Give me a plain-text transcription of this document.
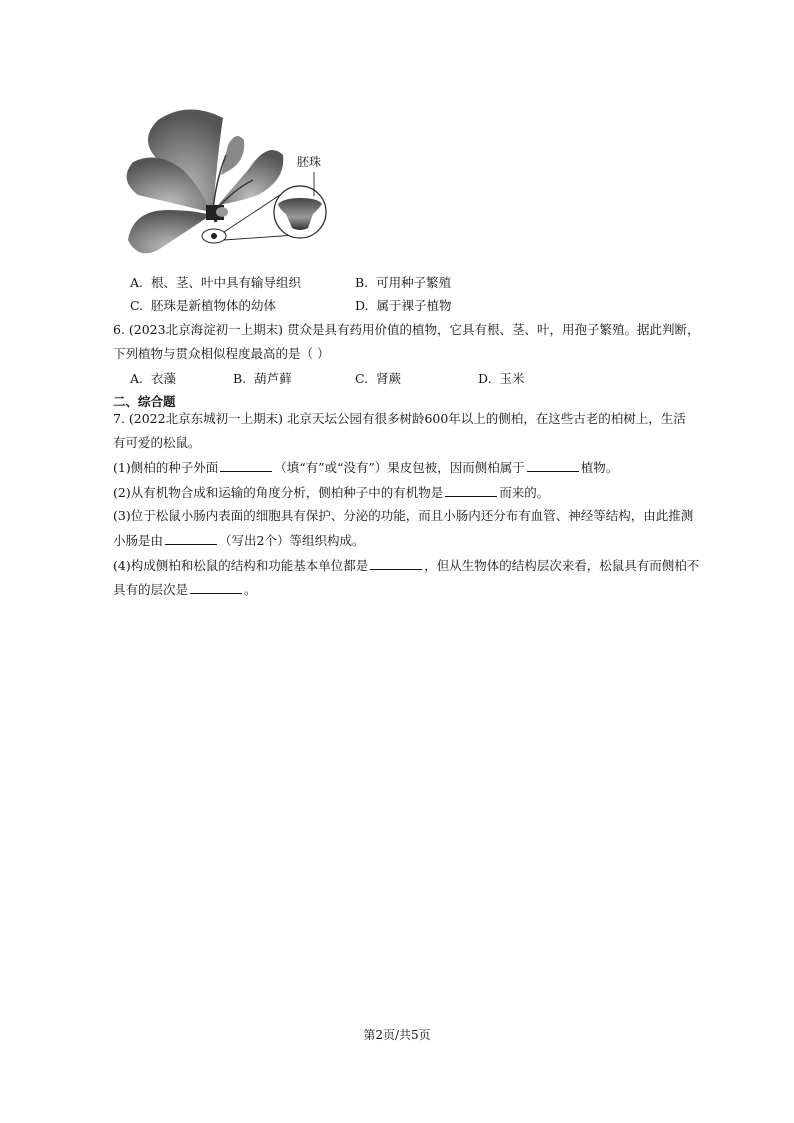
胚珠
A. 根、茎、叶中具有输导组织	B. 可用种子繁殖
C. 胚珠是新植物体的幼体	D. 属于裸子植物
6. (2023北京海淀初一上期末) 贯众是具有药用价值的植物，它具有根、茎、叶，用孢子繁殖。据此判断，
下列植物与贯众相似程度最高的是（ ）
A. 衣藻	B. 葫芦藓	C. 肾蕨	D. 玉米
二、综合题
7. (2022北京东城初一上期末) 北京天坛公园有很多树龄600年以上的侧柏，在这些古老的柏树上，生活
有可爱的松鼠。
(1)侧柏的种子外面	（填“有”或“没有”）果皮包被，因而侧柏属于	植物。
(2)从有机物合成和运输的角度分析，侧柏种子中的有机物是	而来的。
(3)位于松鼠小肠内表面的细胞具有保护、分泌的功能，而且小肠内还分布有血管、神经等结构，由此推测
小肠是由	（写出2个）等组织构成。
(4)构成侧柏和松鼠的结构和功能基本单位都是	，但从生物体的结构层次来看，松鼠具有而侧柏不
具有的层次是	。
第2页/共5页
